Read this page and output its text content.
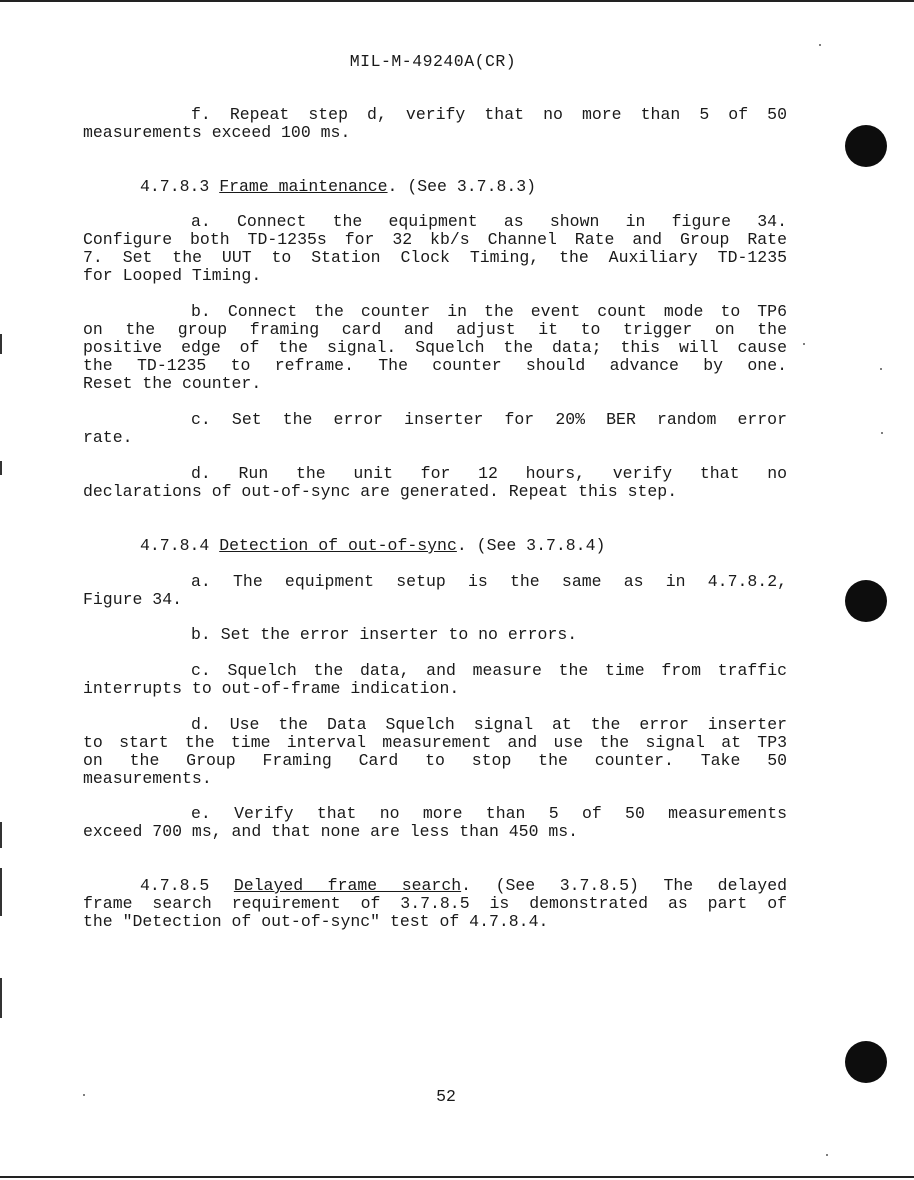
MIL-M-49240A(CR)
f. Repeat step d, verify that no more than 5 of 50
measurements exceed 100 ms.
4.7.8.3 Frame maintenance. (See 3.7.8.3)
a. Connect the equipment as shown in figure 34.
Configure both TD-1235s for 32 kb/s Channel Rate and Group Rate
7. Set the UUT to Station Clock Timing, the Auxiliary TD-1235
for Looped Timing.
b. Connect the counter in the event count mode to TP6
on the group framing card and adjust it to trigger on the
positive edge of the signal. Squelch the data; this will cause
the TD-1235 to reframe. The counter should advance by one.
Reset the counter.
c. Set the error inserter for 20% BER random error
rate.
d. Run the unit for 12 hours, verify that no
declarations of out-of-sync are generated. Repeat this step.
4.7.8.4 Detection of out-of-sync. (See 3.7.8.4)
a. The equipment setup is the same as in 4.7.8.2,
Figure 34.
b. Set the error inserter to no errors.
c. Squelch the data, and measure the time from traffic
interrupts to out-of-frame indication.
d. Use the Data Squelch signal at the error inserter
to start the time interval measurement and use the signal at TP3
on the Group Framing Card to stop the counter. Take 50
measurements.
e. Verify that no more than 5 of 50 measurements
exceed 700 ms, and that none are less than 450 ms.
4.7.8.5 Delayed frame search. (See 3.7.8.5) The delayed
frame search requirement of 3.7.8.5 is demonstrated as part of
the "Detection of out-of-sync" test of 4.7.8.4.
52
